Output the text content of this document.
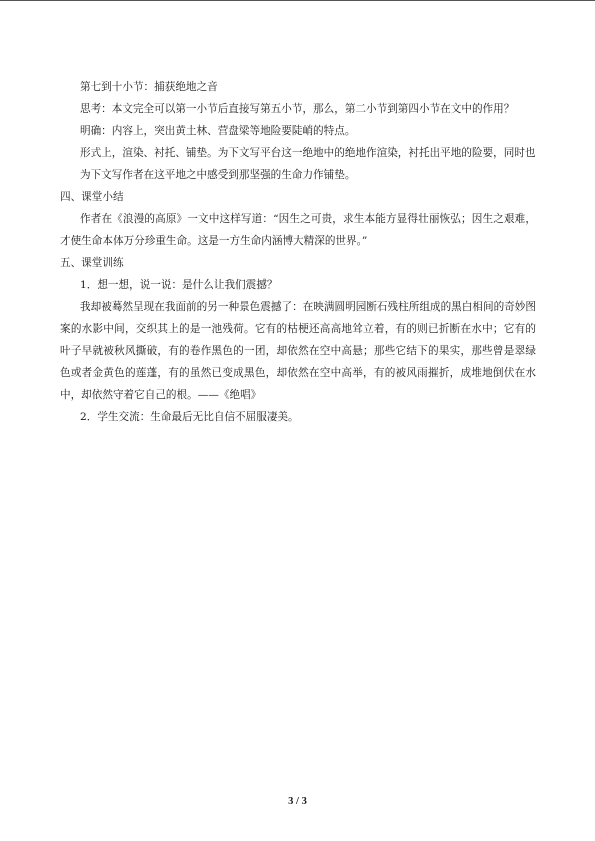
第七到十小节：捕获绝地之音

思考：本文完全可以第一小节后直接写第五小节，那么，第二小节到第四小节在文中的作用？

明确：内容上，突出黄土林、营盘梁等地险要陡峭的特点。

形式上，渲染、衬托、铺垫。为下文写平台这一绝地中的绝地作渲染，衬托出平地的险要，同时也

为下文写作者在这平地之中感受到那坚强的生命力作铺垫。

四、课堂小结

作者在《浪漫的高原》一文中这样写道：“因生之可贵，求生本能方显得壮丽恢弘；因生之艰难，才使生命本体万分珍重生命。这是一方生命内涵博大精深的世界。”

五、课堂训练

1．想一想，说一说：是什么让我们震撼？

我却被蓦然呈现在我面前的另一种景色震撼了：在映满圆明园断石残柱所组成的黑白相间的奇妙图案的水影中间，交织其上的是一池残荷。它有的枯梗还高高地耸立着，有的则已折断在水中；它有的叶子早就被秋风撕破，有的卷作黑色的一团，却依然在空中高悬；那些它结下的果实，那些曾是翠绿色或者金黄色的莲蓬，有的虽然已变成黑色，却依然在空中高举，有的被风雨摧折，成堆地倒伏在水中，却依然守着它自己的根。——《绝唱》

2．学生交流：生命最后无比自信不屈服凄美。

3 / 3
